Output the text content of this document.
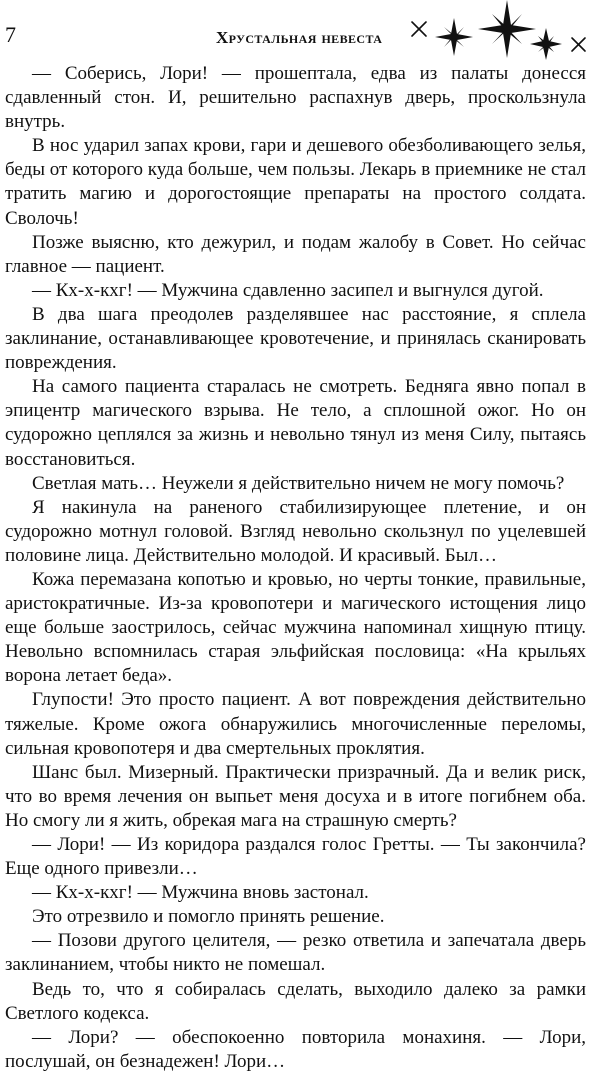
7	Хрустальная невеста

— Соберись, Лори! — прошептала, едва из палаты донесся сдавленный стон. И, решительно распахнув дверь, проскользнула внутрь.

В нос ударил запах крови, гари и дешевого обезболивающего зелья, беды от которого куда больше, чем пользы. Лекарь в приемнике не стал тратить магию и дорогостоящие препараты на простого солдата. Сволочь!

Позже выясню, кто дежурил, и подам жалобу в Совет. Но сейчас главное — пациент.

— Кх-х-кхг! — Мужчина сдавленно засипел и выгнулся дугой.

В два шага преодолев разделявшее нас расстояние, я сплела заклинание, останавливающее кровотечение, и принялась сканировать повреждения.

На самого пациента старалась не смотреть. Бедняга явно попал в эпицентр магического взрыва. Не тело, а сплошной ожог. Но он судорожно цеплялся за жизнь и невольно тянул из меня Силу, пытаясь восстановиться.

Светлая мать… Неужели я действительно ничем не могу помочь?

Я накинула на раненого стабилизирующее плетение, и он судорожно мотнул головой. Взгляд невольно скользнул по уцелевшей половине лица. Действительно молодой. И красивый. Был…

Кожа перемазана копотью и кровью, но черты тонкие, правильные, аристократичные. Из-за кровопотери и магического истощения лицо еще больше заострилось, сейчас мужчина напоминал хищную птицу. Невольно вспомнилась старая эльфийская пословица: «На крыльях ворона летает беда».

Глупости! Это просто пациент. А вот повреждения действительно тяжелые. Кроме ожога обнаружились многочисленные переломы, сильная кровопотеря и два смертельных проклятия.

Шанс был. Мизерный. Практически призрачный. Да и велик риск, что во время лечения он выпьет меня досуха и в итоге погибнем оба. Но смогу ли я жить, обрекая мага на страшную смерть?

— Лори! — Из коридора раздался голос Гретты. — Ты закончила? Еще одного привезли…

— Кх-х-кхг! — Мужчина вновь застонал.

Это отрезвило и помогло принять решение.

— Позови другого целителя, — резко ответила и запечатала дверь заклинанием, чтобы никто не помешал.

Ведь то, что я собиралась сделать, выходило далеко за рамки Светлого кодекса.

— Лори? — обеспокоенно повторила монахиня. — Лори, послушай, он безнадежен! Лори…
